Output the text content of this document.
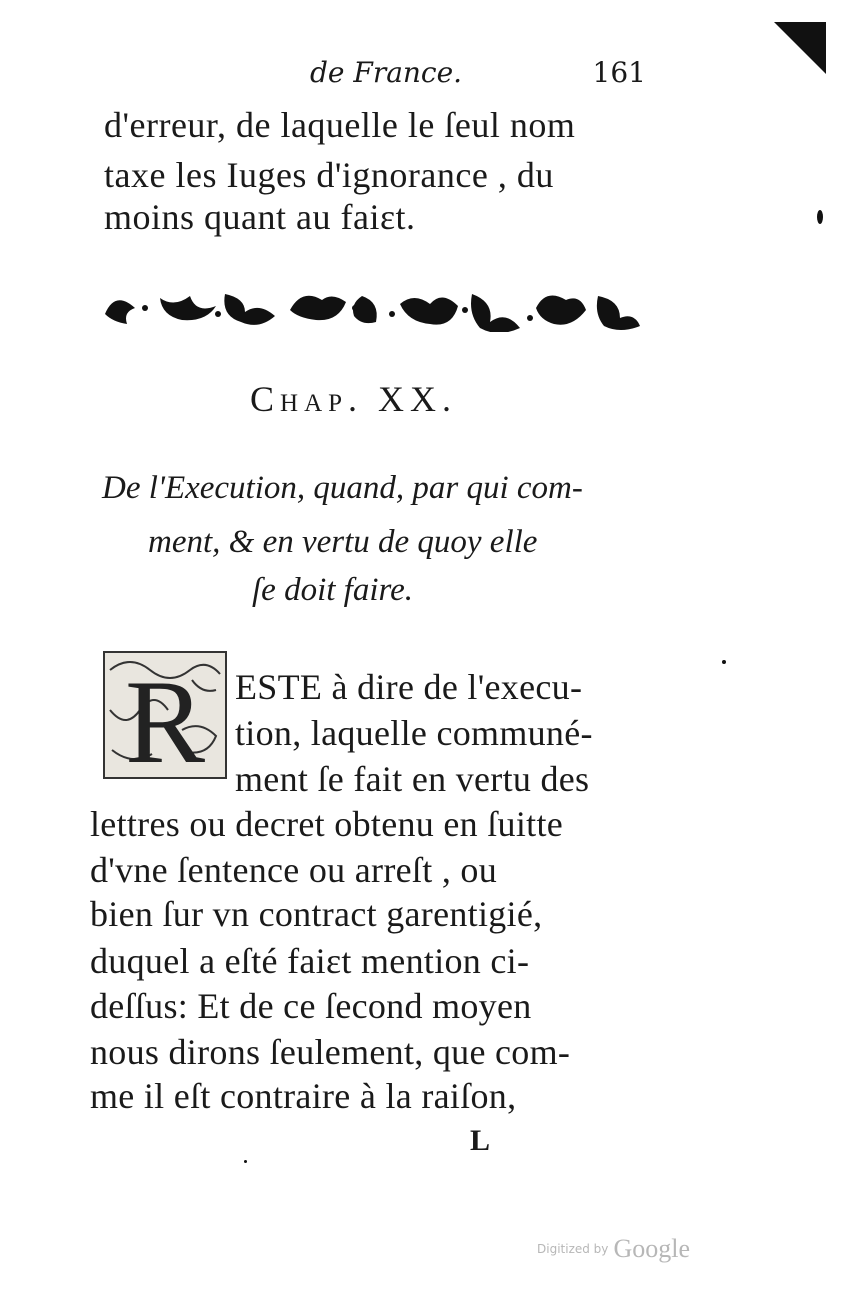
de France.	161
d'erreur, de laquelle le ſeul nom
taxe les Iuges d'ignorance , du
moins quant au faiɛt.
Chap. XX.
De l'Execution, quand, par qui com-
ment, & en vertu de quoy elle
ſe doit faire.
R ESTE à dire de l'execu-
tion, laquelle communé-
ment ſe fait en vertu des
lettres ou decret obtenu en ſuitte
d'vne ſentence ou arreſt , ou
bien ſur vn contract garentigié,
duquel a eſté faiɛt mention ci-
deſſus: Et de ce ſecond moyen
nous dirons ſeulement, que com-
me il eſt contraire à la raiſon,
L
$^{Digitized by}$ Google
